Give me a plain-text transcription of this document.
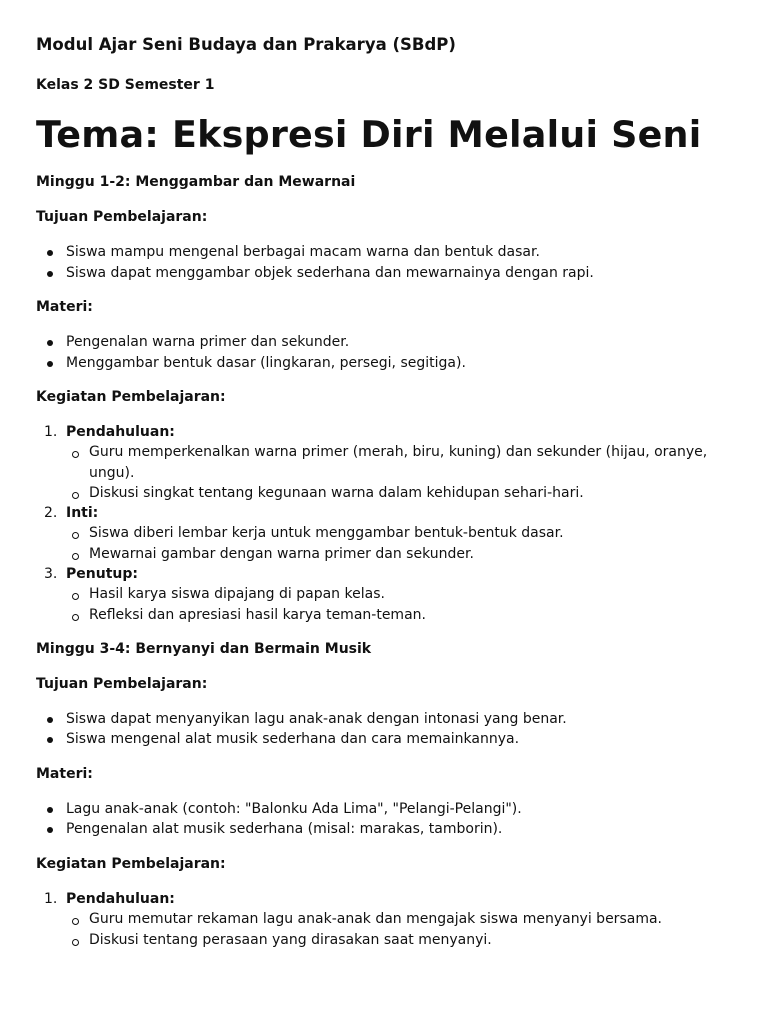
Modul Ajar Seni Budaya dan Prakarya (SBdP)
Kelas 2 SD Semester 1
Tema: Ekspresi Diri Melalui Seni
Minggu 1-2: Menggambar dan Mewarnai
Tujuan Pembelajaran:
Siswa mampu mengenal berbagai macam warna dan bentuk dasar.
Siswa dapat menggambar objek sederhana dan mewarnainya dengan rapi.
Materi:
Pengenalan warna primer dan sekunder.
Menggambar bentuk dasar (lingkaran, persegi, segitiga).
Kegiatan Pembelajaran:
1. Pendahuluan:
Guru memperkenalkan warna primer (merah, biru, kuning) dan sekunder (hijau, oranye, ungu).
Diskusi singkat tentang kegunaan warna dalam kehidupan sehari-hari.
2. Inti:
Siswa diberi lembar kerja untuk menggambar bentuk-bentuk dasar.
Mewarnai gambar dengan warna primer dan sekunder.
3. Penutup:
Hasil karya siswa dipajang di papan kelas.
Refleksi dan apresiasi hasil karya teman-teman.
Minggu 3-4: Bernyanyi dan Bermain Musik
Tujuan Pembelajaran:
Siswa dapat menyanyikan lagu anak-anak dengan intonasi yang benar.
Siswa mengenal alat musik sederhana dan cara memainkannya.
Materi:
Lagu anak-anak (contoh: "Balonku Ada Lima", "Pelangi-Pelangi").
Pengenalan alat musik sederhana (misal: marakas, tamborin).
Kegiatan Pembelajaran:
1. Pendahuluan:
Guru memutar rekaman lagu anak-anak dan mengajak siswa menyanyi bersama.
Diskusi tentang perasaan yang dirasakan saat menyanyi.
